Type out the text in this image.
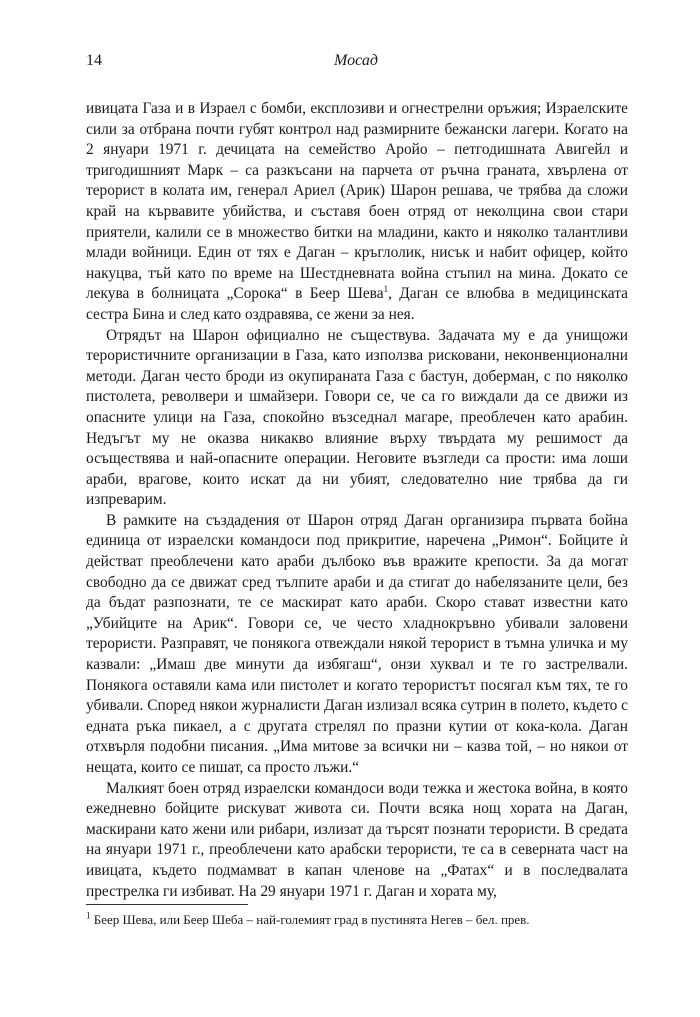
14	Мосад

ивицата Газа и в Израел с бомби, експлозиви и огнестрелни оръжия; Израелските сили за отбрана почти губят контрол над размирните бежански лагери. Когато на 2 януари 1971 г. дечицата на семейство Аройо – петгодишната Авигейл и тригодишният Марк – са разкъсани на парчета от ръчна граната, хвърлена от терорист в колата им, генерал Ариел (Арик) Шарон решава, че трябва да сложи край на кървавите убийства, и съставя боен отряд от неколцина свои стари приятели, калили се в множество битки на младини, както и няколко талантливи млади войници. Един от тях е Даган – кръглолик, нисък и набит офицер, който накуцва, тъй като по време на Шестдневната война стъпил на мина. Докато се лекува в болницата „Сорока“ в Беер Шева$^1$, Даган се влюбва в медицинската сестра Бина и след като оздравява, се жени за нея.

Отрядът на Шарон официално не съществува. Задачата му е да унищожи терористичните организации в Газа, като използва рисковани, неконвенционални методи. Даган често броди из окупираната Газа с бастун, доберман, с по няколко пистолета, револвери и шмайзери. Говори се, че са го виждали да се движи из опасните улици на Газа, спокойно възседнал магаре, преоблечен като арабин. Недъгът му не оказва никакво влияние върху твърдата му решимост да осъществява и най-опасните операции. Неговите възгледи са прости: има лоши араби, врагове, които искат да ни убият, следователно ние трябва да ги изпреварим.

В рамките на създадения от Шарон отряд Даган организира първата бойна единица от израелски командоси под прикритие, наречена „Римон“. Бойците ѝ действат преоблечени като араби дълбоко във вражите крепости. За да могат свободно да се движат сред тълпите араби и да стигат до набелязаните цели, без да бъдат разпознати, те се маскират като араби. Скоро стават известни като „Убийците на Арик“. Говори се, че често хладнокръвно убивали заловени терористи. Разправят, че понякога отвеждали някой терорист в тъмна уличка и му казвали: „Имаш две минути да избягаш“, онзи хуквал и те го застрелвали. Понякога оставяли кама или пистолет и когато терористът посягал към тях, те го убивали. Според някои журналисти Даган излизал всяка сутрин в полето, където с едната ръка пикаел, а с другата стрелял по празни кутии от кока-кола. Даган отхвърля подобни писания. „Има митове за всички ни – казва той, – но някои от нещата, които се пишат, са просто лъжи.“

Малкият боен отряд израелски командоси води тежка и жестока война, в която ежедневно бойците рискуват живота си. Почти всяка нощ хората на Даган, маскирани като жени или рибари, излизат да търсят познати терористи. В средата на януари 1971 г., преоблечени като арабски терористи, те са в северната част на ивицата, където подмамват в капан членове на „Фатах“ и в последвалата престрелка ги избиват. На 29 януари 1971 г. Даган и хората му,

$^1$ Беер Шева, или Беер Шеба – най-големият град в пустинята Негев – бел. прев.
